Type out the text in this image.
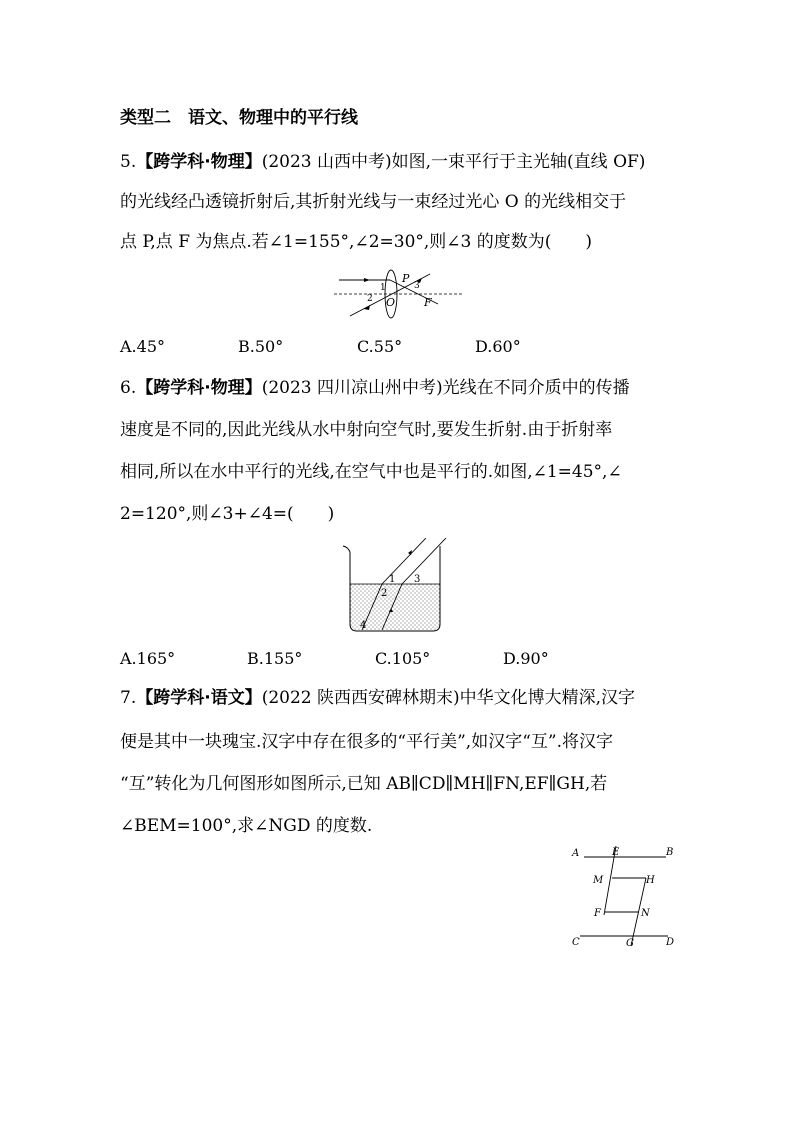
类型二　语文、物理中的平行线
5.【跨学科·物理】(2023 山西中考)如图,一束平行于主光轴(直线 OF)
的光线经凸透镜折射后,其折射光线与一束经过光心 O 的光线相交于
点 P,点 F 为焦点.若∠1=155°,∠2=30°,则∠3 的度数为(　　)
P
3
1
2 O	F
A.45°	B.50°	C.55°	D.60°
6.【跨学科·物理】(2023 四川凉山州中考)光线在不同介质中的传播
速度是不同的,因此光线从水中射向空气时,要发生折射.由于折射率
相同,所以在水中平行的光线,在空气中也是平行的.如图,∠1=45°,∠
2=120°,则∠3+∠4=(　　)
1
2
3
4
A.165°	B.155°	C.105°	D.90°
7.【跨学科·语文】(2022 陕西西安碑林期末)中华文化博大精深,汉字
便是其中一块瑰宝.汉字中存在很多的“平行美”,如汉字“互”.将汉字
“互”转化为几何图形如图所示,已知 AB∥CD∥MH∥FN,EF∥GH,若
∠BEM=100°,求∠NGD 的度数.
A	E	B
M	H
F	N
C	G	D
